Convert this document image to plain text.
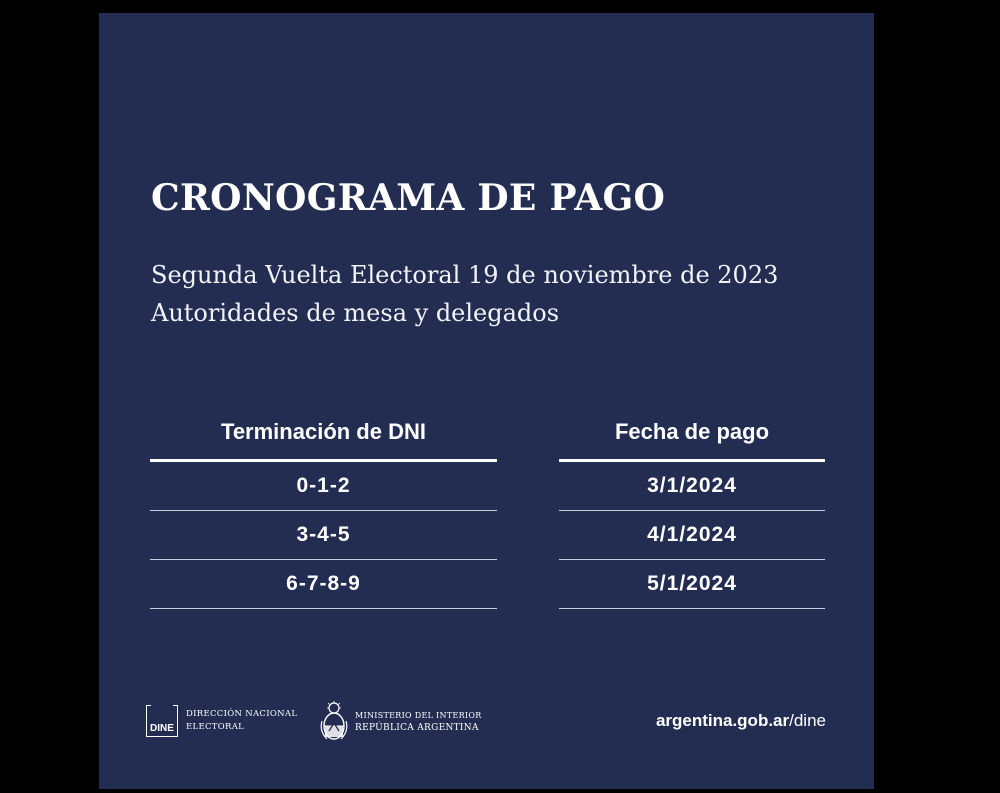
CRONOGRAMA DE PAGO
Segunda Vuelta Electoral 19 de noviembre de 2023
Autoridades de mesa y delegados
Terminación de DNI
0-1-2
3-4-5
6-7-8-9
Fecha de pago
3/1/2024
4/1/2024
5/1/2024
DINE
DIRECCIÓN NACIONAL
ELECTORAL
MINISTERIO DEL INTERIOR
REPÚBLICA ARGENTINA	argentina.gob.ar/dine
